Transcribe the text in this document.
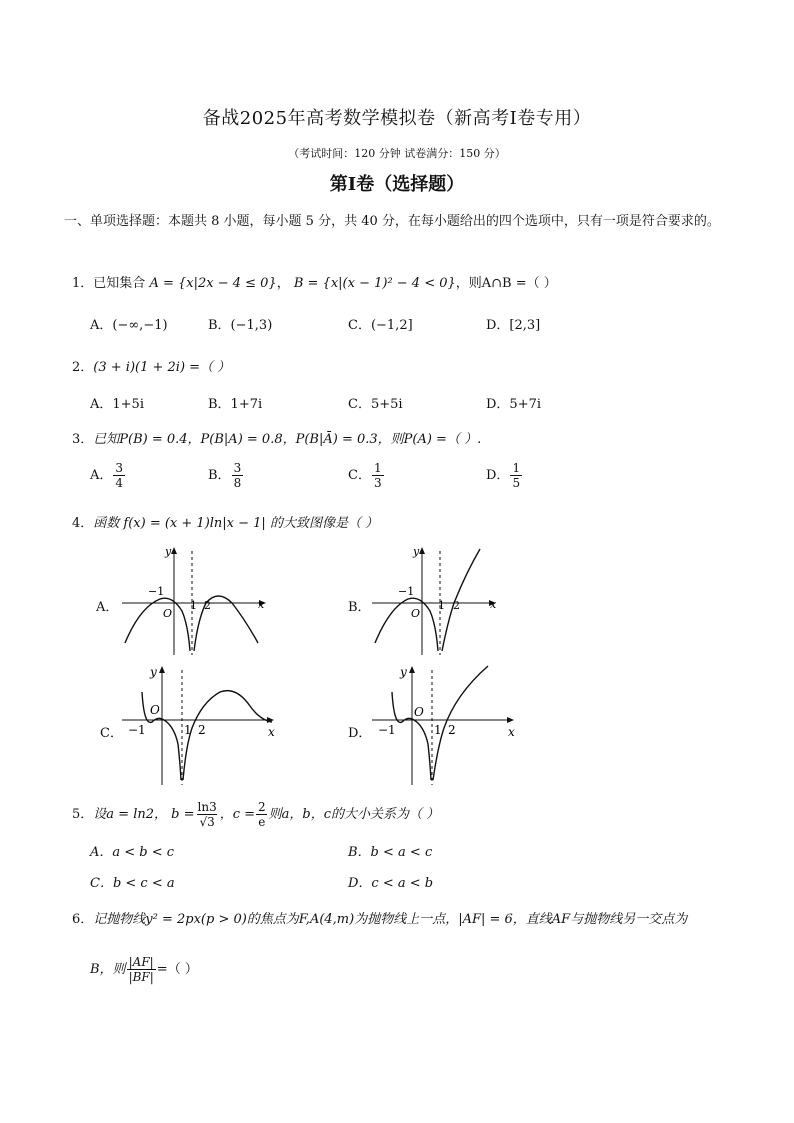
备战2025年高考数学模拟卷（新高考Ⅰ卷专用）
（考试时间：120 分钟 试卷满分：150 分）
第Ⅰ卷（选择题）
一、单项选择题：本题共 8 小题，每小题 5 分，共 40 分，在每小题给出的四个选项中，只有一项是符合要求的。
1．已知集合 A = {x|2x − 4 ≤ 0}， B = {x|(x − 1)² − 4 < 0}，则A∩B =（ ）
A．(−∞,−1)	B．(−1,3)	C．(−1,2]	D．[2,3]
2．(3 + i)(1 + 2i) =（ ）
A．1+5i	B．1+7i	C．5+5i	D．5+7i
3．已知P(B) = 0.4，P(B|A) = 0.8，P(B|Ā) = 0.3，则P(A) =（ ）.
A． $\frac{3}{4}$	B． $\frac{3}{8}$	C． $\frac{1}{3}$	D． $\frac{1}{5}$
4．函数 f(x) = (x + 1)ln|x − 1| 的大致图像是（ ）
A．	B．
C．	D．
x
y
O
−1
1 2	x
y
O
−1
1 2
x
y
O
−1	1 2	x
y
O
−1	1 2
5．设a = ln2， $b = \frac{\ln 3}{√3}$ ，$c = \frac{2}{e}$ 则a，b，c的大小关系为（ ）
A．a < b < c	B．b < a < c
C．b < c < a	D．c < a < b
6．记抛物线y² = 2px(p > 0)的焦点为F,A(4,m)为抛物线上一点，|AF| = 6，直线AF与抛物线另一交点为
B，则 $\frac{|AF|}{|BF|}$ =（ ）
